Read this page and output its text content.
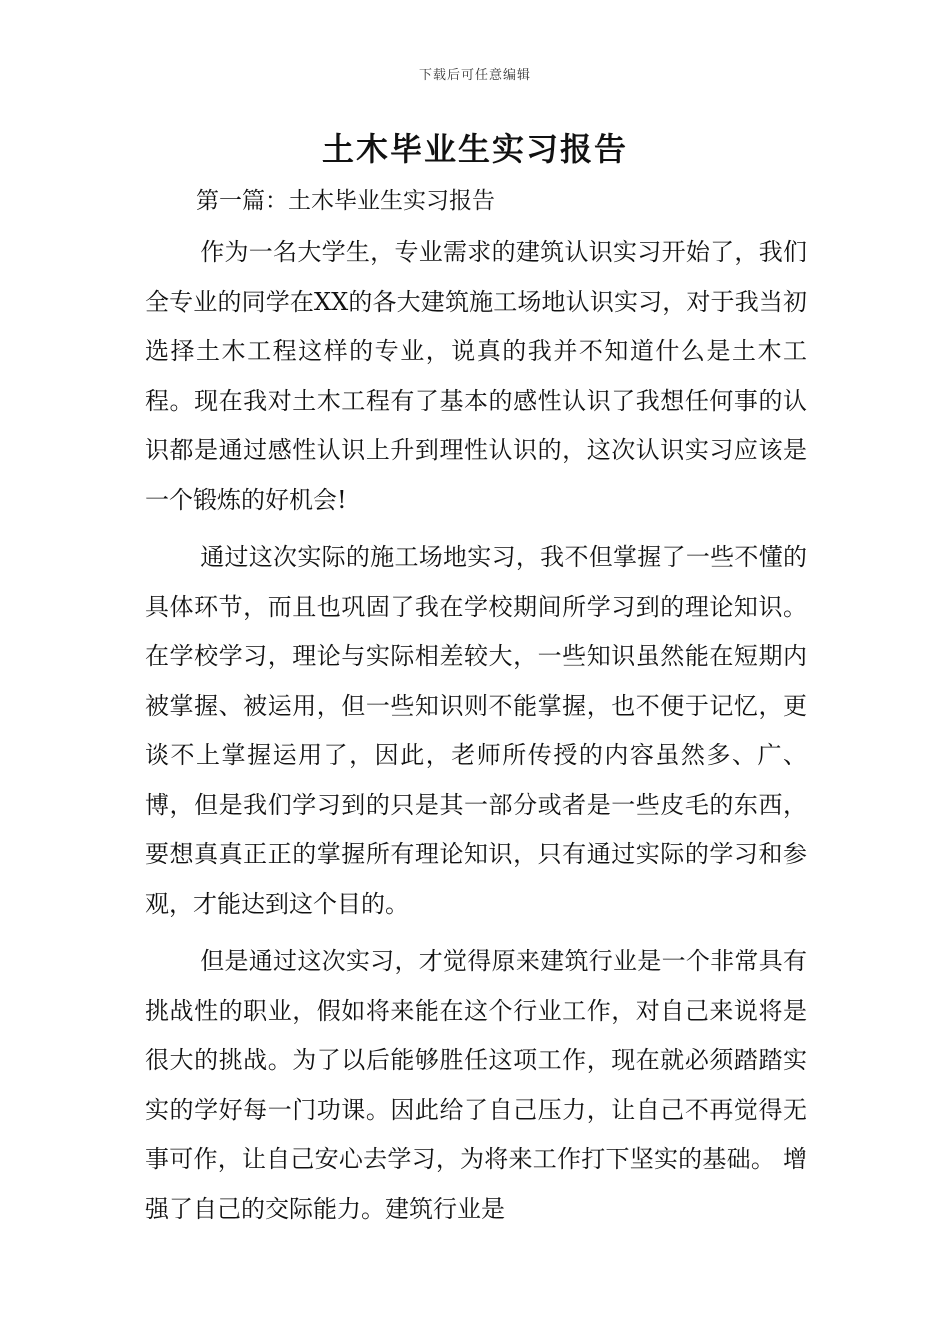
下载后可任意编辑
土木毕业生实习报告
第一篇：土木毕业生实习报告

作为一名大学生，专业需求的建筑认识实习开始了，我们全专业的同学在XX的各大建筑施工场地认识实习，对于我当初选择土木工程这样的专业，说真的我并不知道什么是土木工程。现在我对土木工程有了基本的感性认识了我想任何事的认识都是通过感性认识上升到理性认识的，这次认识实习应该是一个锻炼的好机会!

通过这次实际的施工场地实习，我不但掌握了一些不懂的具体环节，而且也巩固了我在学校期间所学习到的理论知识。在学校学习，理论与实际相差较大，一些知识虽然能在短期内被掌握、被运用，但一些知识则不能掌握，也不便于记忆，更谈不上掌握运用了，因此，老师所传授的内容虽然多、广、博，但是我们学习到的只是其一部分或者是一些皮毛的东西，要想真真正正的掌握所有理论知识，只有通过实际的学习和参观，才能达到这个目的。

但是通过这次实习，才觉得原来建筑行业是一个非常具有挑战性的职业，假如将来能在这个行业工作，对自己来说将是很大的挑战。为了以后能够胜任这项工作，现在就必须踏踏实实的学好每一门功课。因此给了自己压力，让自己不再觉得无事可作，让自己安心去学习，为将来工作打下坚实的基础。 增强了自己的交际能力。建筑行业是
